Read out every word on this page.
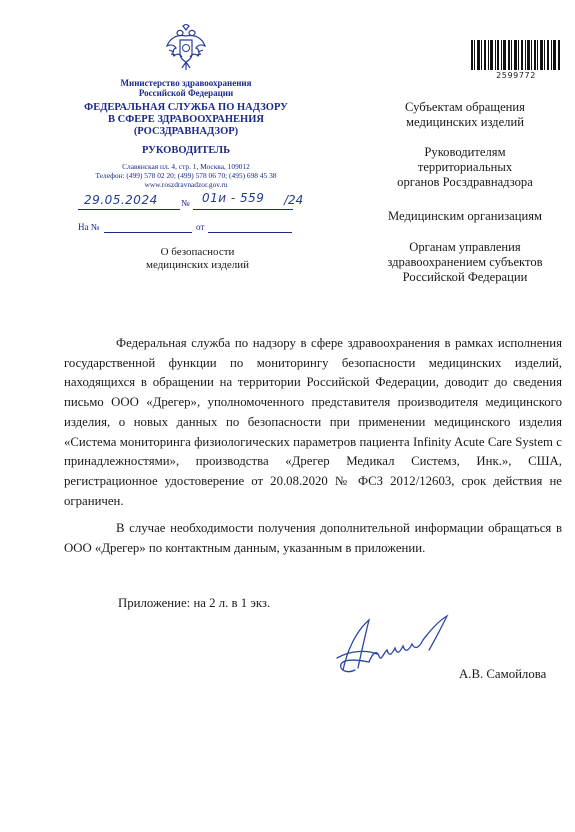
Министерство здравоохранения
Российской Федерации
ФЕДЕРАЛЬНАЯ СЛУЖБА ПО НАДЗОРУ
В СФЕРЕ ЗДРАВООХРАНЕНИЯ
(РОСЗДРАВНАДЗОР)
РУКОВОДИТЕЛЬ
Славянская пл. 4, стр. 1, Москва, 109012
Телефон: (499) 578 02 20; (499) 578 06 70; (495) 698 45 38
www.roszdravnadzor.gov.ru
29.05.2024	№ 01и - 559 /24
На №	от
О безопасности
медицинских изделий
2599772
Субъектам обращения
медицинских изделий
Руководителям
территориальных
органов Росздравнадзора
Медицинским организациям
Органам управления
здравоохранением субъектов
Российской Федерации
Федеральная служба по надзору в сфере здравоохранения в рамках исполнения государственной функции по мониторингу безопасности медицинских изделий, находящихся в обращении на территории Российской Федерации, доводит до сведения письмо ООО «Дрегер», уполномоченного представителя производителя медицинского изделия, о новых данных по безопасности при применении медицинского изделия «Система мониторинга физиологических параметров пациента Infinity Acute Care System с принадлежностями», производства «Дрегер Медикал Системз, Инк.», США, регистрационное удостоверение от 20.08.2020 № ФСЗ 2012/12603, срок действия не ограничен.
В случае необходимости получения дополнительной информации обращаться в ООО «Дрегер» по контактным данным, указанным в приложении.
Приложение: на 2 л. в 1 экз.
А.В. Самойлова
